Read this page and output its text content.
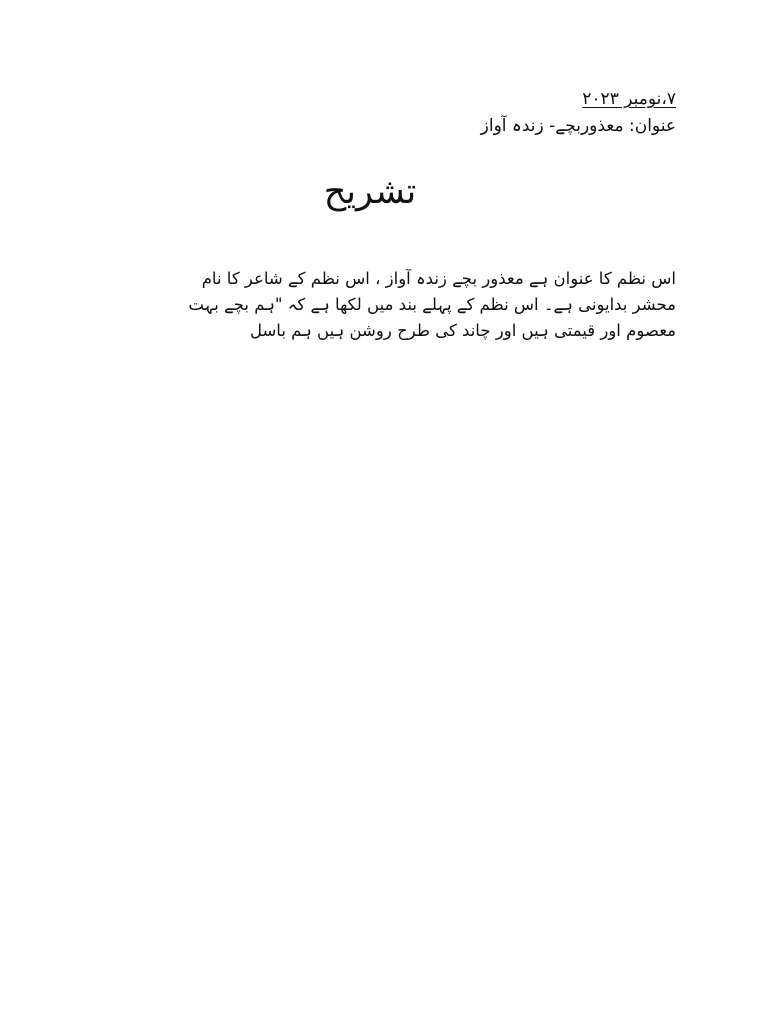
۷،نومبر ۲۰۲۳
عنوان: معذوربچے- زندہ آواز
تشریح
اس نظم کا عنوان ہے معذور بچے زندہ آواز ، اس نظم کے شاعر کا نام
محشر بدایونی ہے۔ اس نظم کے پہلے بند میں لکھا ہے کہ "ہم بچے بہت
معصوم اور قیمتی ہیں اور چاند کی طرح روشن ہیں ہم باسل
